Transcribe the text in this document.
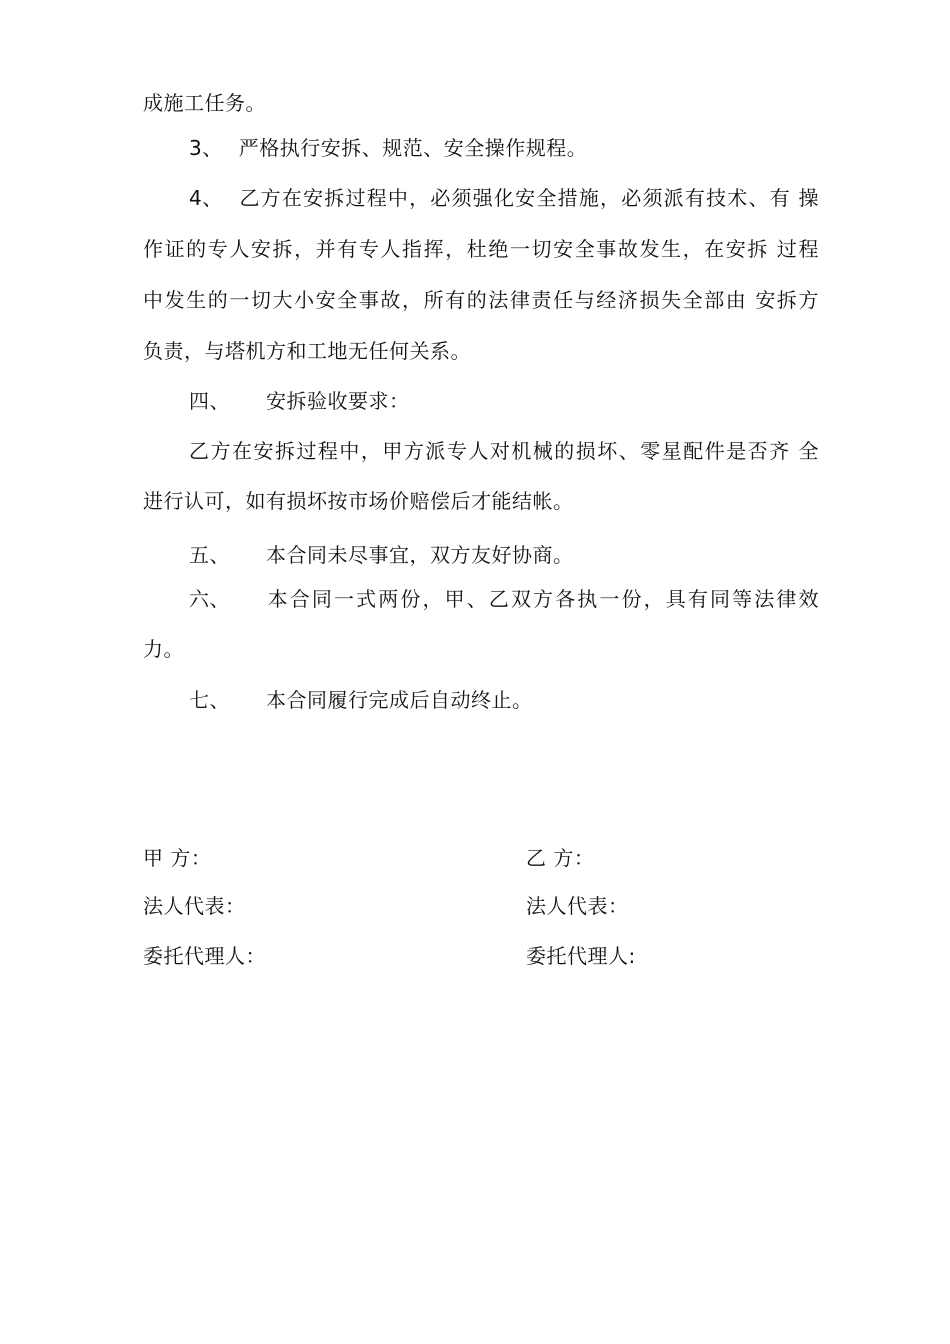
成施工任务。
3、 严格执行安拆、规范、安全操作规程。
4、 乙方在安拆过程中，必须强化安全措施，必须派有技术、有 操
作证的专人安拆，并有专人指挥，杜绝一切安全事故发生，在安拆 过程
中发生的一切大小安全事故，所有的法律责任与经济损失全部由 安拆方
负责，与塔机方和工地无任何关系。
四、 安拆验收要求：
乙方在安拆过程中，甲方派专人对机械的损坏、零星配件是否齐 全
进行认可，如有损坏按市场价赔偿后才能结帐。
五、 本合同未尽事宜，双方友好协商。
六、 本合同一式两份，甲、乙双方各执一份，具有同等法律效
力。
七、 本合同履行完成后自动终止。
甲 方：	乙 方：
法人代表：	法人代表：
委托代理人：	委托代理人:
